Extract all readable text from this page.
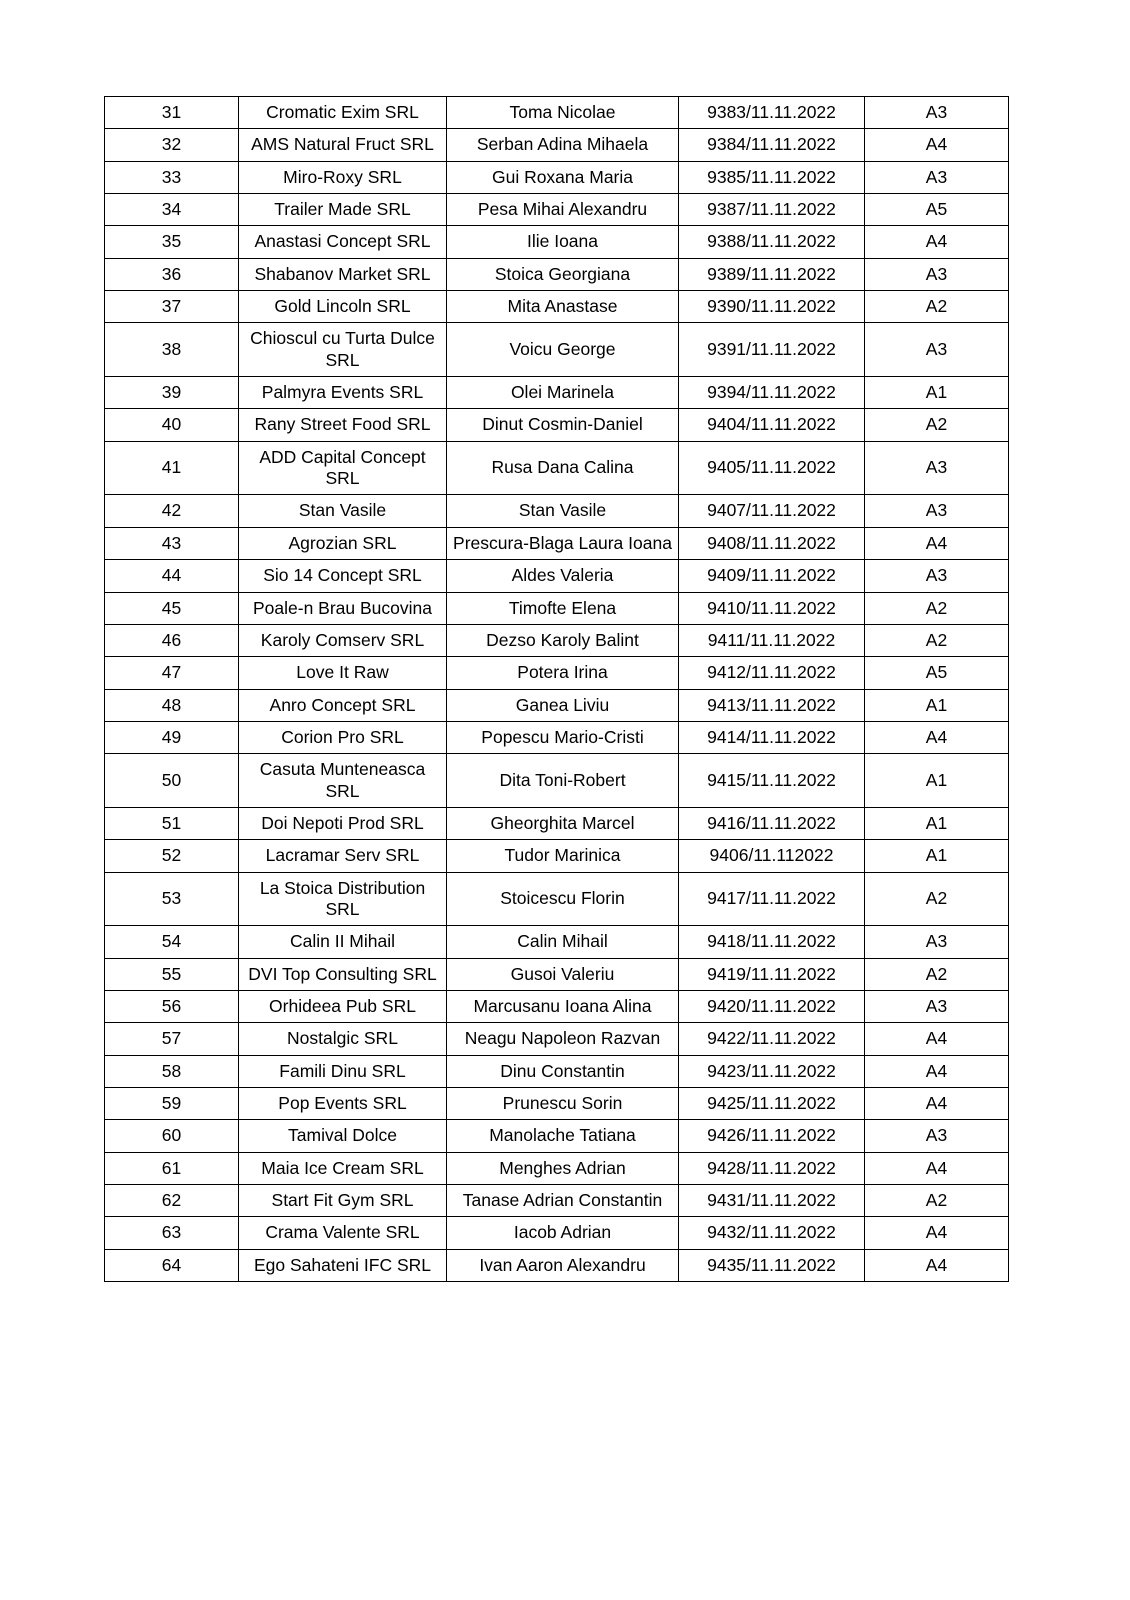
31	Cromatic Exim SRL	Toma Nicolae	9383/11.11.2022	A3
32	AMS Natural Fruct SRL	Serban Adina Mihaela	9384/11.11.2022	A4
33	Miro-Roxy SRL	Gui Roxana Maria	9385/11.11.2022	A3
34	Trailer Made SRL	Pesa Mihai Alexandru	9387/11.11.2022	A5
35	Anastasi Concept SRL	Ilie Ioana	9388/11.11.2022	A4
36	Shabanov Market SRL	Stoica Georgiana	9389/11.11.2022	A3
37	Gold Lincoln SRL	Mita Anastase	9390/11.11.2022	A2
38	Chioscul cu Turta Dulce SRL	Voicu George	9391/11.11.2022	A3
39	Palmyra Events SRL	Olei Marinela	9394/11.11.2022	A1
40	Rany Street Food SRL	Dinut Cosmin-Daniel	9404/11.11.2022	A2
41	ADD Capital Concept SRL	Rusa Dana Calina	9405/11.11.2022	A3
42	Stan Vasile	Stan Vasile	9407/11.11.2022	A3
43	Agrozian SRL	Prescura-Blaga Laura Ioana	9408/11.11.2022	A4
44	Sio 14 Concept SRL	Aldes Valeria	9409/11.11.2022	A3
45	Poale-n Brau Bucovina	Timofte Elena	9410/11.11.2022	A2
46	Karoly Comserv SRL	Dezso Karoly Balint	9411/11.11.2022	A2
47	Love It Raw	Potera Irina	9412/11.11.2022	A5
48	Anro Concept SRL	Ganea Liviu	9413/11.11.2022	A1
49	Corion Pro SRL	Popescu Mario-Cristi	9414/11.11.2022	A4
50	Casuta Munteneasca SRL	Dita Toni-Robert	9415/11.11.2022	A1
51	Doi Nepoti Prod SRL	Gheorghita Marcel	9416/11.11.2022	A1
52	Lacramar Serv SRL	Tudor Marinica	9406/11.112022	A1
53	La Stoica Distribution SRL	Stoicescu Florin	9417/11.11.2022	A2
54	Calin II Mihail	Calin Mihail	9418/11.11.2022	A3
55	DVI Top Consulting SRL	Gusoi Valeriu	9419/11.11.2022	A2
56	Orhideea Pub SRL	Marcusanu Ioana Alina	9420/11.11.2022	A3
57	Nostalgic SRL	Neagu Napoleon Razvan	9422/11.11.2022	A4
58	Famili Dinu SRL	Dinu Constantin	9423/11.11.2022	A4
59	Pop Events SRL	Prunescu Sorin	9425/11.11.2022	A4
60	Tamival Dolce	Manolache Tatiana	9426/11.11.2022	A3
61	Maia Ice Cream SRL	Menghes Adrian	9428/11.11.2022	A4
62	Start Fit Gym SRL	Tanase Adrian Constantin	9431/11.11.2022	A2
63	Crama Valente SRL	Iacob Adrian	9432/11.11.2022	A4
64	Ego Sahateni IFC SRL	Ivan Aaron Alexandru	9435/11.11.2022	A4
